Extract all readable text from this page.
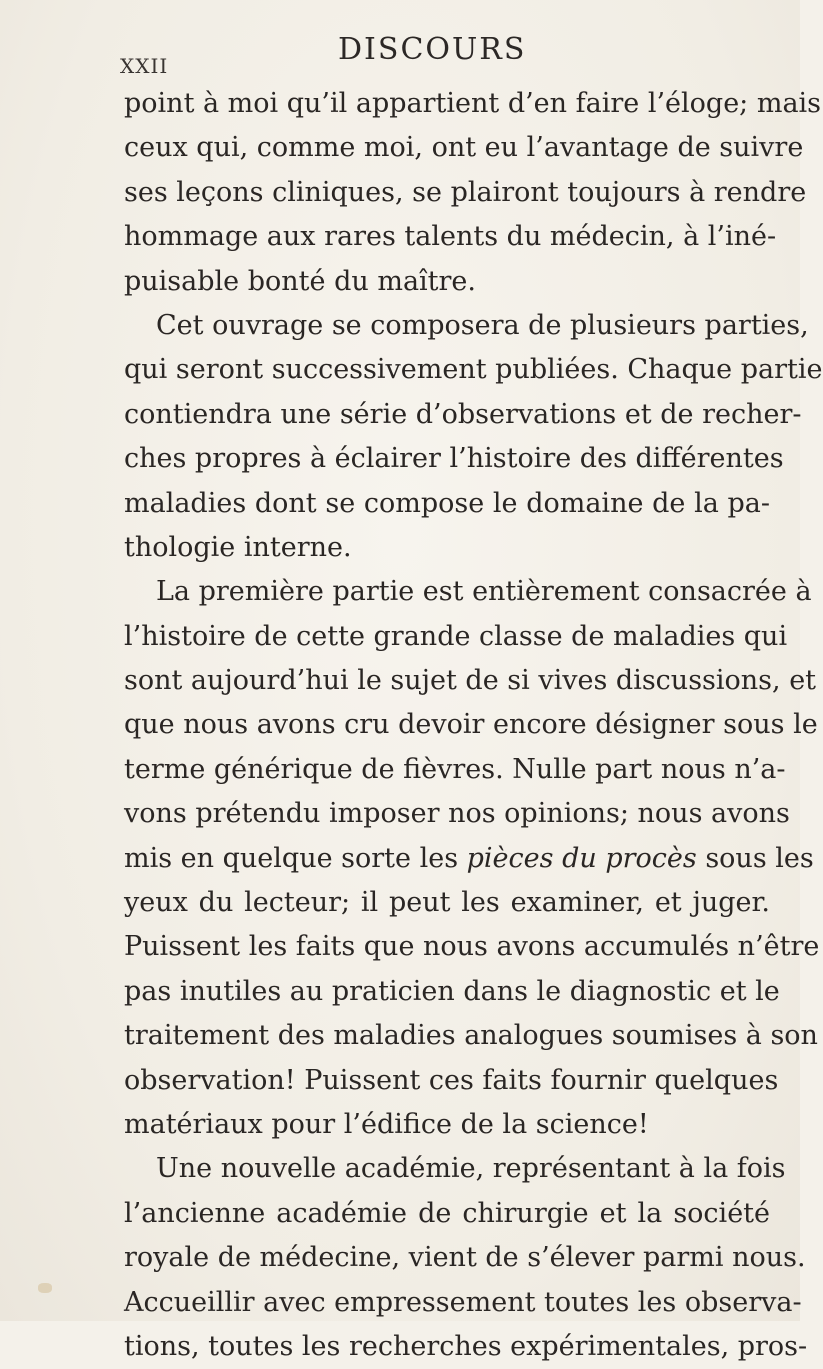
XXII	DISCOURS
point à moi qu’il appartient d’en faire l’éloge; mais
ceux qui, comme moi, ont eu l’avantage de suivre
ses leçons cliniques, se plairont toujours à rendre
hommage aux rares talents du médecin, à l’iné-
puisable bonté du maître.
Cet ouvrage se composera de plusieurs parties,
qui seront successivement publiées. Chaque partie
contiendra une série d’observations et de recher-
ches propres à éclairer l’histoire des différentes
maladies dont se compose le domaine de la pa-
thologie interne.
La première partie est entièrement consacrée à
l’histoire de cette grande classe de maladies qui
sont aujourd’hui le sujet de si vives discussions, et
que nous avons cru devoir encore désigner sous le
terme générique de fièvres. Nulle part nous n’a-
vons prétendu imposer nos opinions; nous avons
mis en quelque sorte les pièces du procès sous les
yeux du lecteur; il peut les examiner, et juger.
Puissent les faits que nous avons accumulés n’être
pas inutiles au praticien dans le diagnostic et le
traitement des maladies analogues soumises à son
observation! Puissent ces faits fournir quelques
matériaux pour l’édifice de la science!
Une nouvelle académie, représentant à la fois
l’ancienne académie de chirurgie et la société
royale de médecine, vient de s’élever parmi nous.
Accueillir avec empressement toutes les observa-
tions, toutes les recherches expérimentales, pros-
